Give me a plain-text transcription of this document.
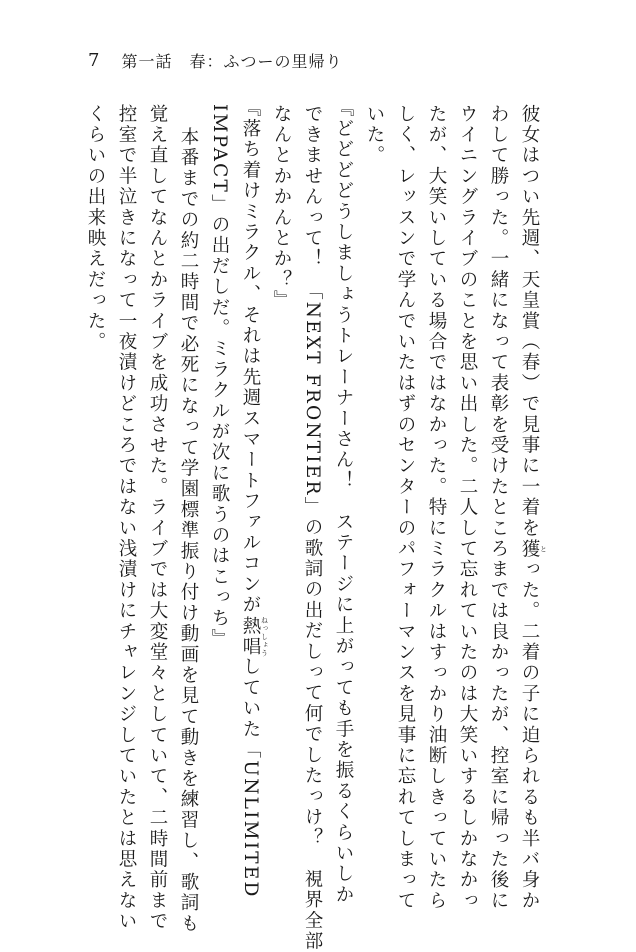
7 第一話　春：ふつーの里帰り
彼女はつい先週、天皇賞（春）で見事に一着を獲 とった。二着の子に迫られるも半バ身か
わして勝った。一緒になって表彰を受けたところまでは良かったが、控室に帰った後に
ウイニングライブのことを思い出した。二人して忘れていたのは大笑いするしかなかっ
たが、大笑いしている場合ではなかった。特にミラクルはすっかり油断しきっていたら
しく、レッスンで学んでいたはずのセンターのパフォーマンスを見事に忘れてしまって
いた。
『どどどどうしましょうトレーナーさん！　ステージに上がっても手を振るくらいしか
できませんって！　「NEXT FRONTIER」の歌詞の出だしって何でしたっけ？　視界全部
なんとかかんとか？』
『落ち着けミラクル、それは先週スマートファルコンが熱唱 ねっしょうしていた「UNLIMITED
IMPACT」の出だしだ。ミラクルが次に歌うのはこっち』
本番までの約二時間で必死になって学園標準振り付け動画を見て動きを練習し、歌詞も
覚え直してなんとかライブを成功させた。ライブでは大変堂々としていて、二時間前まで
控室で半泣きになって一夜漬けどころではない浅漬けにチャレンジしていたとは思えない
くらいの出来映えだった。
